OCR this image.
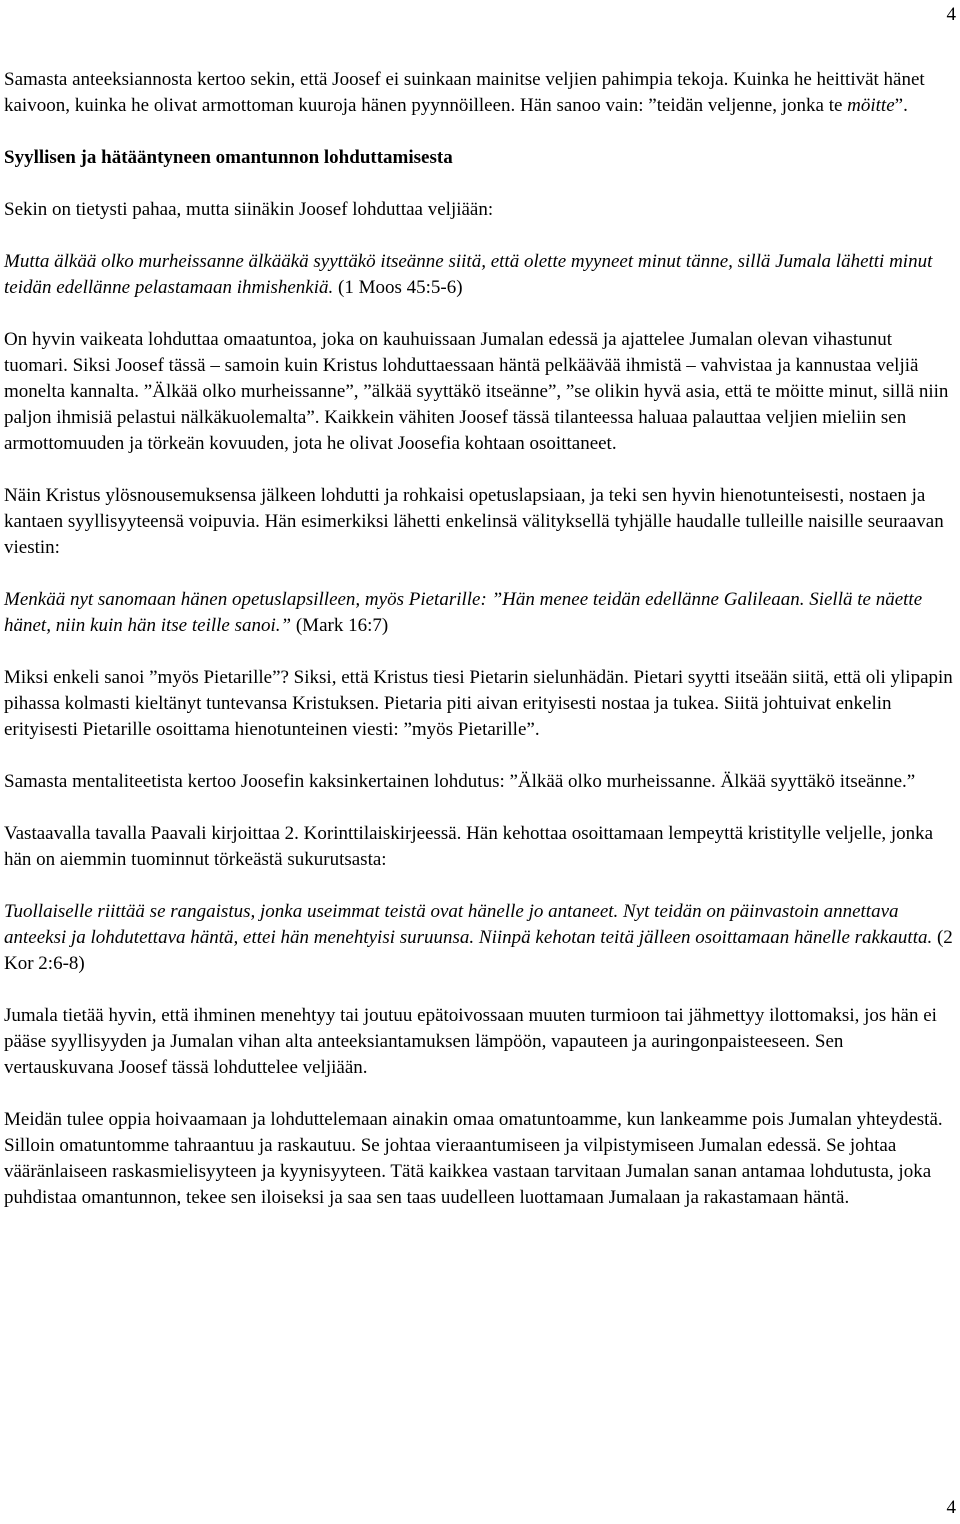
4

Samasta anteeksiannosta kertoo sekin, että Joosef ei suinkaan mainitse veljien pahimpia tekoja. Kuinka he heittivät hänet kaivoon, kuinka he olivat armottoman kuuroja hänen pyynnöilleen. Hän sanoo vain: ”teidän veljenne, jonka te möitte”.

Syyllisen ja hätääntyneen omantunnon lohduttamisesta

Sekin on tietysti pahaa, mutta siinäkin Joosef lohduttaa veljiään:

Mutta älkää olko murheissanne älkääkä syyttäkö itseänne siitä, että olette myyneet minut tänne, sillä Jumala lähetti minut teidän edellänne pelastamaan ihmishenkiä. (1 Moos 45:5-6)

On hyvin vaikeata lohduttaa omaatuntoa, joka on kauhuissaan Jumalan edessä ja ajattelee Jumalan olevan vihastunut tuomari. Siksi Joosef tässä – samoin kuin Kristus lohduttaessaan häntä pelkäävää ihmistä – vahvistaa ja kannustaa veljiä monelta kannalta. ”Älkää olko murheissanne”, ”älkää syyttäkö itseänne”, ”se olikin hyvä asia, että te möitte minut, sillä niin paljon ihmisiä pelastui nälkäkuolemalta”. Kaikkein vähiten Joosef tässä tilanteessa haluaa palauttaa veljien mieliin sen armottomuuden ja törkeän kovuuden, jota he olivat Joosefia kohtaan osoittaneet.

Näin Kristus ylösnousemuksensa jälkeen lohdutti ja rohkaisi opetuslapsiaan, ja teki sen hyvin hienotunteisesti, nostaen ja kantaen syyllisyyteensä voipuvia. Hän esimerkiksi lähetti enkelinsä välityksellä tyhjälle haudalle tulleille naisille seuraavan viestin:

Menkää nyt sanomaan hänen opetuslapsilleen, myös Pietarille: ”Hän menee teidän edellänne Galileaan. Siellä te näette hänet, niin kuin hän itse teille sanoi.” (Mark 16:7)

Miksi enkeli sanoi ”myös Pietarille”? Siksi, että Kristus tiesi Pietarin sielunhädän. Pietari syytti itseään siitä, että oli ylipapin pihassa kolmasti kieltänyt tuntevansa Kristuksen. Pietaria piti aivan erityisesti nostaa ja tukea. Siitä johtuivat enkelin erityisesti Pietarille osoittama hienotunteinen viesti: ”myös Pietarille”.

Samasta mentaliteetista kertoo Joosefin kaksinkertainen lohdutus: ”Älkää olko murheissanne. Älkää syyttäkö itseänne.”

Vastaavalla tavalla Paavali kirjoittaa 2. Korinttilaiskirjeessä. Hän kehottaa osoittamaan lempeyttä kristitylle veljelle, jonka hän on aiemmin tuominnut törkeästä sukurutsasta:

Tuollaiselle riittää se rangaistus, jonka useimmat teistä ovat hänelle jo antaneet. Nyt teidän on päinvastoin annettava anteeksi ja lohdutettava häntä, ettei hän menehtyisi suruunsa. Niinpä kehotan teitä jälleen osoittamaan hänelle rakkautta. (2 Kor 2:6-8)

Jumala tietää hyvin, että ihminen menehtyy tai joutuu epätoivossaan muuten turmioon tai jähmettyy ilottomaksi, jos hän ei pääse syyllisyyden ja Jumalan vihan alta anteeksiantamuksen lämpöön, vapauteen ja auringonpaisteeseen. Sen vertauskuvana Joosef tässä lohduttelee veljiään.

Meidän tulee oppia hoivaamaan ja lohduttelemaan ainakin omaa omatuntoamme, kun lankeamme pois Jumalan yhteydestä. Silloin omatuntomme tahraantuu ja raskautuu. Se johtaa vieraantumiseen ja vilpistymiseen Jumalan edessä. Se johtaa vääränlaiseen raskasmielisyyteen ja kyynisyyteen. Tätä kaikkea vastaan tarvitaan Jumalan sanan antamaa lohdutusta, joka puhdistaa omantunnon, tekee sen iloiseksi ja saa sen taas uudelleen luottamaan Jumalaan ja rakastamaan häntä.

4
